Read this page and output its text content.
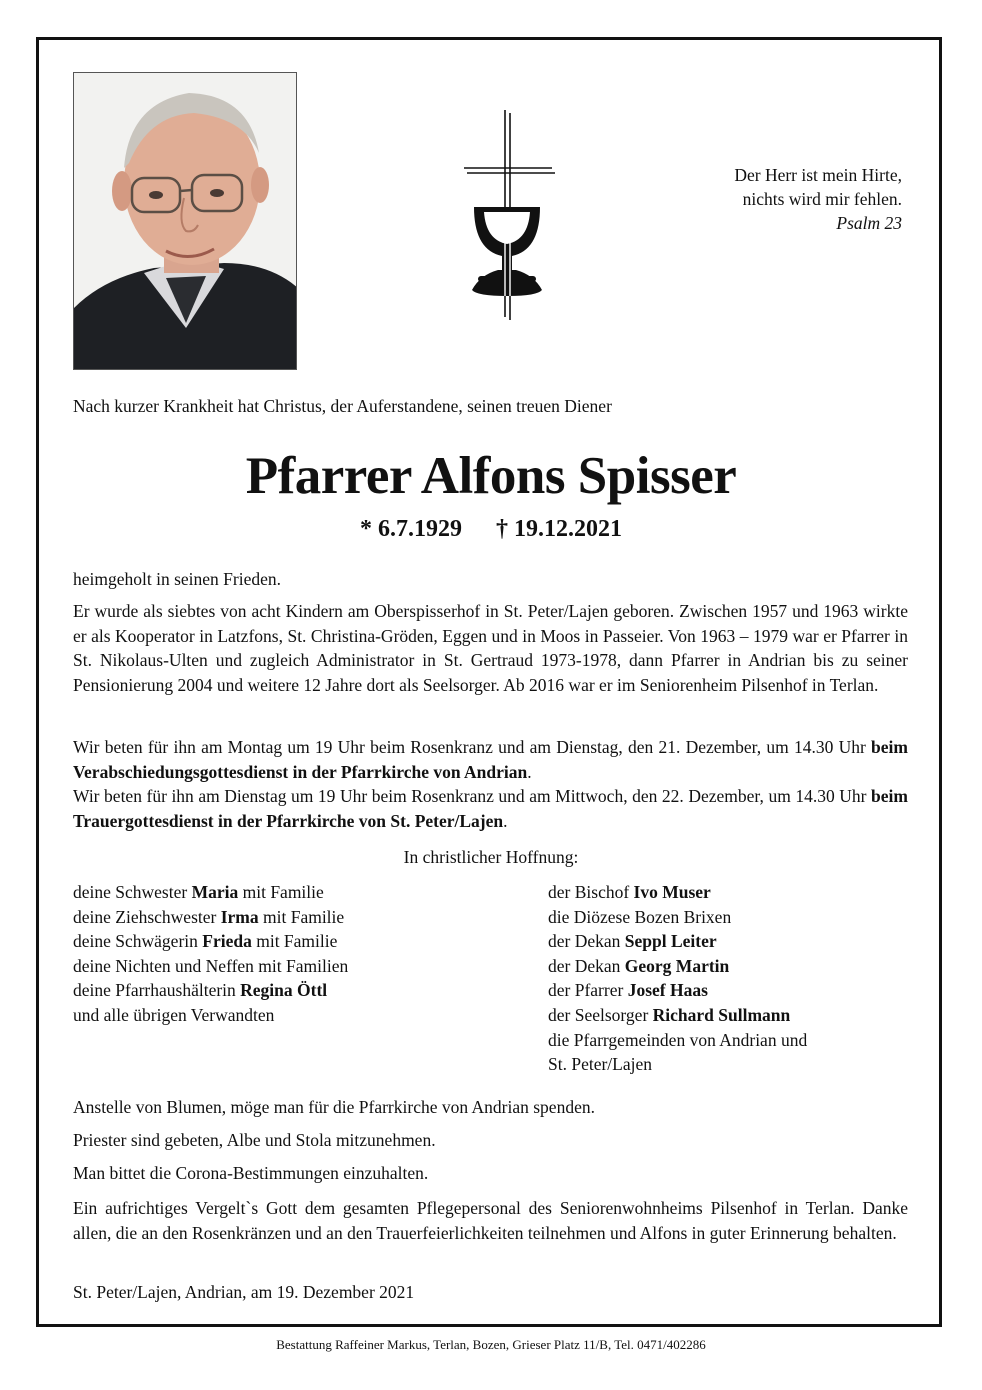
Der Herr ist mein Hirte,
nichts wird mir fehlen.
Psalm 23

Nach kurzer Krankheit hat Christus, der Auferstandene, seinen treuen Diener

Pfarrer Alfons Spisser
* 6.7.1929 † 19.12.2021

heimgeholt in seinen Frieden.

Er wurde als siebtes von acht Kindern am Oberspisserhof in St. Peter/Lajen geboren. Zwischen 1957 und 1963 wirkte er als Kooperator in Latzfons, St. Christina-Gröden, Eggen und in Moos in Passeier. Von 1963 – 1979 war er Pfarrer in St. Nikolaus-Ulten und zugleich Administrator in St. Gertraud 1973-1978, dann Pfarrer in Andrian bis zu seiner Pensionierung 2004 und weitere 12 Jahre dort als Seelsorger. Ab 2016 war er im Seniorenheim Pilsenhof in Terlan.

Wir beten für ihn am Montag um 19 Uhr beim Rosenkranz und am Dienstag, den 21. Dezember, um 14.30 Uhr beim Verabschiedungsgottesdienst in der Pfarrkirche von Andrian.

Wir beten für ihn am Dienstag um 19 Uhr beim Rosenkranz und am Mittwoch, den 22. Dezember, um 14.30 Uhr beim Trauergottesdienst in der Pfarrkirche von St. Peter/Lajen.

In christlicher Hoffnung:
deine Schwester Maria mit Familie
deine Ziehschwester Irma mit Familie
deine Schwägerin Frieda mit Familie
deine Nichten und Neffen mit Familien
deine Pfarrhaushälterin Regina Öttl
und alle übrigen Verwandten
der Bischof Ivo Muser
die Diözese Bozen Brixen
der Dekan Seppl Leiter
der Dekan Georg Martin
der Pfarrer Josef Haas
der Seelsorger Richard Sullmann
die Pfarrgemeinden von Andrian und
St. Peter/Lajen

Anstelle von Blumen, möge man für die Pfarrkirche von Andrian spenden.

Priester sind gebeten, Albe und Stola mitzunehmen.

Man bittet die Corona-Bestimmungen einzuhalten.

Ein aufrichtiges Vergelt`s Gott dem gesamten Pflegepersonal des Seniorenwohnheims Pilsenhof in Terlan. Danke allen, die an den Rosenkränzen und an den Trauerfeierlichkeiten teilnehmen und Alfons in guter Erinnerung behalten.

St. Peter/Lajen, Andrian, am 19. Dezember 2021

Bestattung Raffeiner Markus, Terlan, Bozen, Grieser Platz 11/B, Tel. 0471/402286
